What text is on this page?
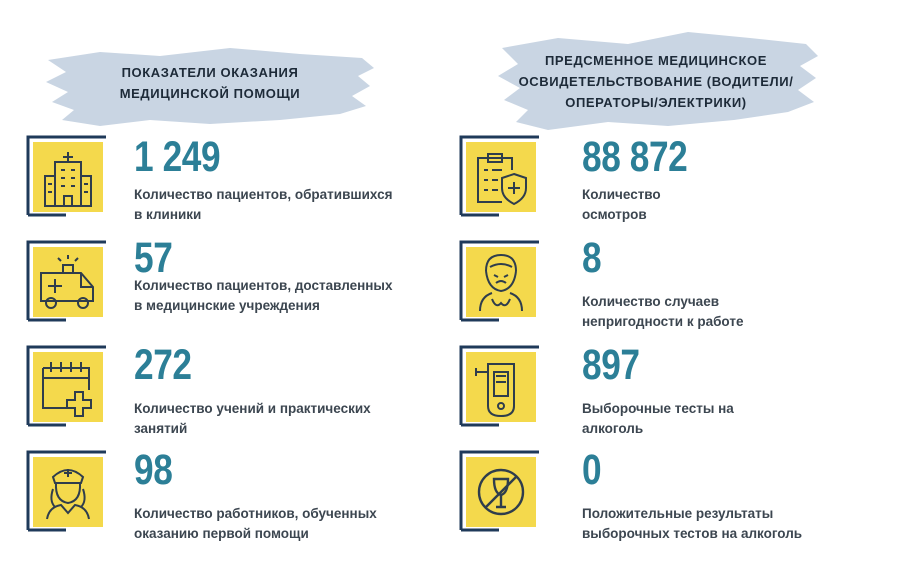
ПОКАЗАТЕЛИ ОКАЗАНИЯ
МЕДИЦИНСКОЙ ПОМОЩИ
ПРЕДСМЕННОЕ МЕДИЦИНСКОЕ
ОСВИДЕТЕЛЬСТВОВАНИЕ (ВОДИТЕЛИ/
ОПЕРАТОРЫ/ЭЛЕКТРИКИ)
1 249
Количество пациентов, обратившихся
в клиники
57
Количество пациентов, доставленных
в медицинские учреждения
272
Количество учений и практических
занятий
98
Количество работников, обученных
оказанию первой помощи
88 872
Количество
осмотров
8
Количество случаев
непригодности к работе
897
Выборочные тесты на
алкоголь
0
Положительные результаты
выборочных тестов на алкоголь
